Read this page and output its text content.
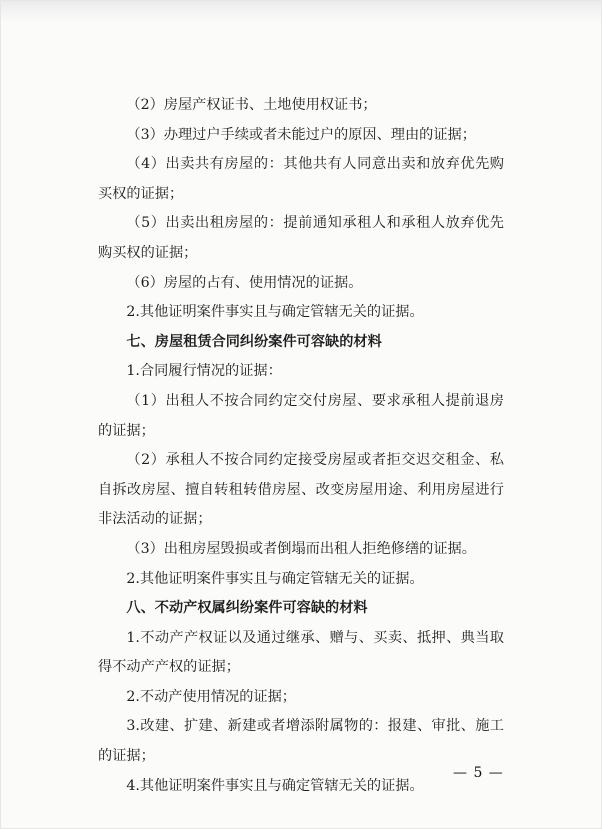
（2）房屋产权证书、土地使用权证书；

（3）办理过户手续或者未能过户的原因、理由的证据；

（4）出卖共有房屋的：其他共有人同意出卖和放弃优先购买权的证据；

（5）出卖出租房屋的：提前通知承租人和承租人放弃优先购买权的证据；

（6）房屋的占有、使用情况的证据。

2.其他证明案件事实且与确定管辖无关的证据。

七、房屋租赁合同纠纷案件可容缺的材料

1.合同履行情况的证据：

（1）出租人不按合同约定交付房屋、要求承租人提前退房的证据；

（2）承租人不按合同约定接受房屋或者拒交迟交租金、私自拆改房屋、擅自转租转借房屋、改变房屋用途、利用房屋进行非法活动的证据；

（3）出租房屋毁损或者倒塌而出租人拒绝修缮的证据。

2.其他证明案件事实且与确定管辖无关的证据。

八、不动产权属纠纷案件可容缺的材料

1.不动产产权证以及通过继承、赠与、买卖、抵押、典当取得不动产产权的证据；

2.不动产使用情况的证据；

3.改建、扩建、新建或者增添附属物的：报建、审批、施工的证据；

4.其他证明案件事实且与确定管辖无关的证据。

— 5 —
